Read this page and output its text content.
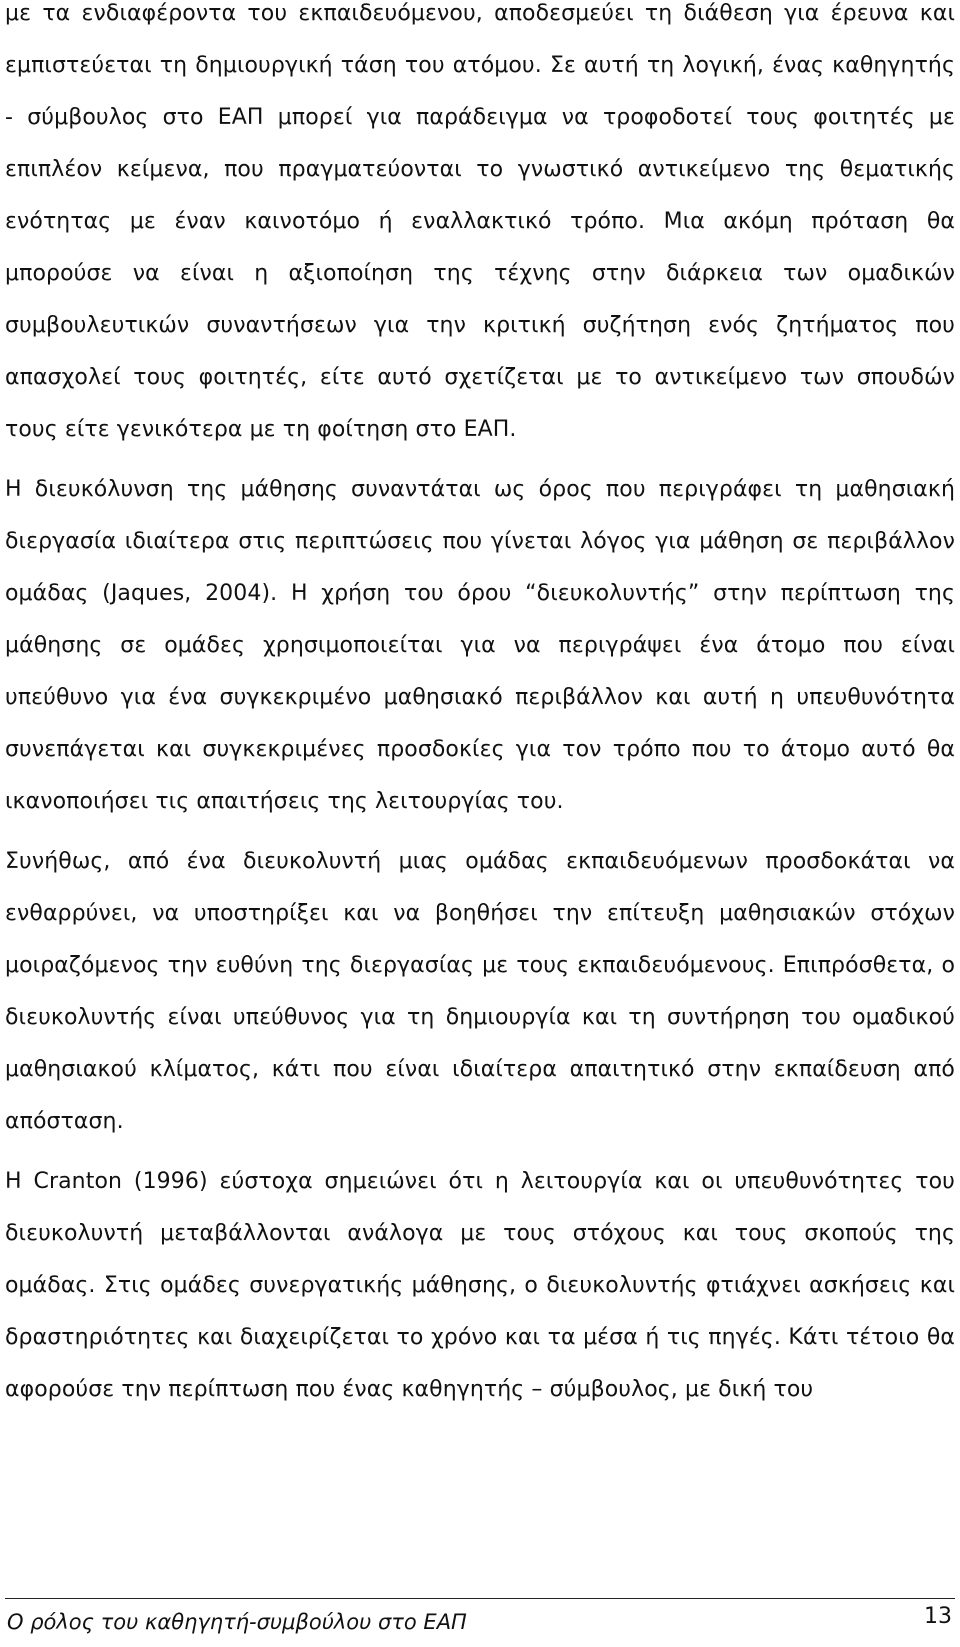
με τα ενδιαφέροντα του εκπαιδευόμενου, αποδεσμεύει τη διάθεση για έρευνα και εμπιστεύεται τη δημιουργική τάση του ατόμου. Σε αυτή τη λογική, ένας καθηγητής - σύμβουλος στο ΕΑΠ μπορεί για παράδειγμα να τροφοδοτεί τους φοιτητές με επιπλέον κείμενα, που πραγματεύονται το γνωστικό αντικείμενο της θεματικής ενότητας με έναν καινοτόμο ή εναλλακτικό τρόπο. Μια ακόμη πρόταση θα μπορούσε να είναι η αξιοποίηση της τέχνης στην διάρκεια των ομαδικών συμβουλευτικών συναντήσεων για την κριτική συζήτηση ενός ζητήματος που απασχολεί τους φοιτητές, είτε αυτό σχετίζεται με το αντικείμενο των σπουδών τους είτε γενικότερα με τη φοίτηση στο ΕΑΠ.

Η διευκόλυνση της μάθησης συναντάται ως όρος που περιγράφει τη μαθησιακή διεργασία ιδιαίτερα στις περιπτώσεις που γίνεται λόγος για μάθηση σε περιβάλλον ομάδας (Jaques, 2004). Η χρήση του όρου “διευκολυντής” στην περίπτωση της μάθησης σε ομάδες χρησιμοποιείται για να περιγράψει ένα άτομο που είναι υπεύθυνο για ένα συγκεκριμένο μαθησιακό περιβάλλον και αυτή η υπευθυνότητα συνεπάγεται και συγκεκριμένες προσδοκίες για τον τρόπο που το άτομο αυτό θα ικανοποιήσει τις απαιτήσεις της λειτουργίας του.

Συνήθως, από ένα διευκολυντή μιας ομάδας εκπαιδευόμενων προσδοκάται να ενθαρρύνει, να υποστηρίξει και να βοηθήσει την επίτευξη μαθησιακών στόχων μοιραζόμενος την ευθύνη της διεργασίας με τους εκπαιδευόμενους. Επιπρόσθετα, ο διευκολυντής είναι υπεύθυνος για τη δημιουργία και τη συντήρηση του ομαδικού μαθησιακού κλίματος, κάτι που είναι ιδιαίτερα απαιτητικό στην εκπαίδευση από απόσταση.

Η Cranton (1996) εύστοχα σημειώνει ότι η λειτουργία και οι υπευθυνότητες του διευκολυντή μεταβάλλονται ανάλογα με τους στόχους και τους σκοπούς της ομάδας. Στις ομάδες συνεργατικής μάθησης, ο διευκολυντής φτιάχνει ασκήσεις και δραστηριότητες και διαχειρίζεται το χρόνο και τα μέσα ή τις πηγές. Κάτι τέτοιο θα αφορούσε την περίπτωση που ένας καθηγητής – σύμβουλος, με δική του

Ο ρόλος του καθηγητή-συμβούλου στο ΕΑΠ	13
